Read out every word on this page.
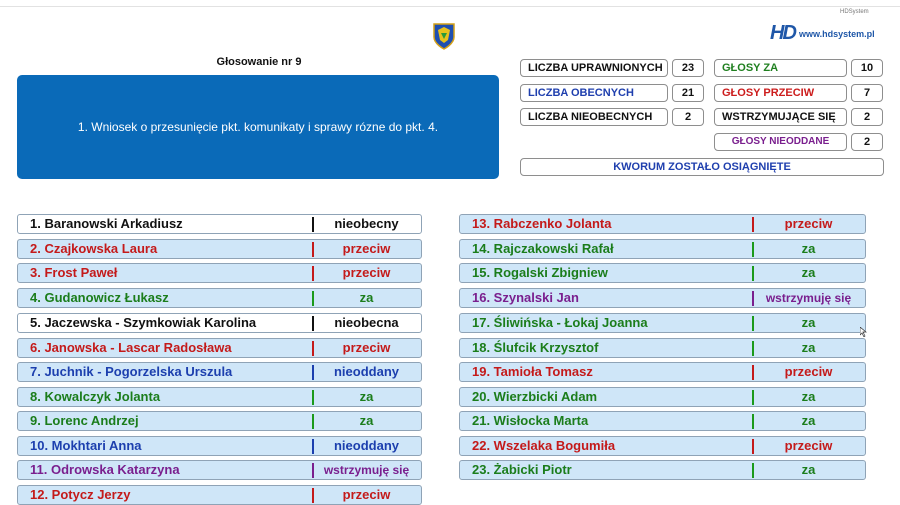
HDSystem
HD www.hdsystem.pl
Głosowanie nr 9
1. Wniosek o przesunięcie pkt. komunikaty i sprawy rózne do pkt. 4.
LICZBA UPRAWNIONYCH	23	GŁOSY ZA	10
LICZBA OBECNYCH	21	GŁOSY PRZECIW	7
LICZBA NIEOBECNYCH	2	WSTRZYMUJĄCE SIĘ	2
GŁOSY NIEODDANE	2
KWORUM ZOSTAŁO OSIĄGNIĘTE
1. Baranowski Arkadiusz	nieobecny
2. Czajkowska Laura	przeciw
3. Frost Paweł	przeciw
4. Gudanowicz Łukasz	za
5. Jaczewska - Szymkowiak Karolina	nieobecna
6. Janowska - Lascar Radosława	przeciw
7. Juchnik - Pogorzelska Urszula	nieoddany
8. Kowalczyk Jolanta	za
9. Lorenc Andrzej	za
10. Mokhtari Anna	nieoddany
11. Odrowska Katarzyna	wstrzymuję się
12. Potycz Jerzy	przeciw
13. Rabczenko Jolanta	przeciw
14. Rajczakowski Rafał	za
15. Rogalski Zbigniew	za
16. Szynalski Jan	wstrzymuję się
17. Śliwińska - Łokaj Joanna	za
18. Ślufcik Krzysztof	za
19. Tamioła Tomasz	przeciw
20. Wierzbicki Adam	za
21. Wisłocka Marta	za
22. Wszelaka Bogumiła	przeciw
23. Żabicki Piotr	za
